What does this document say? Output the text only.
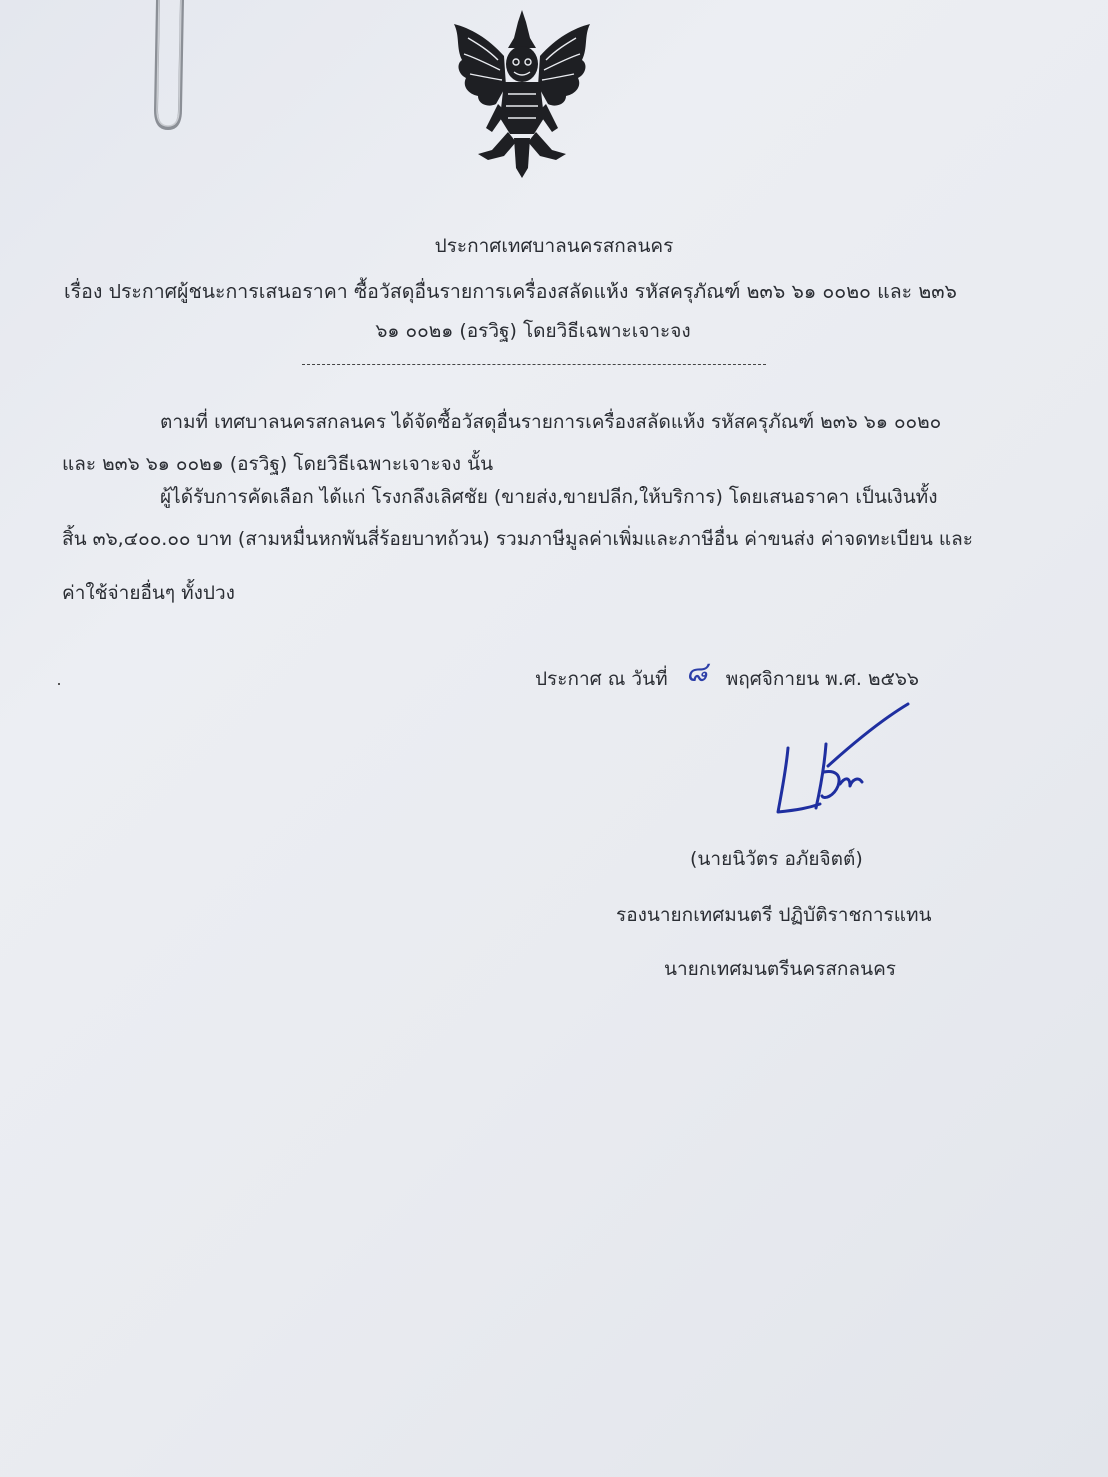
ประกาศเทศบาลนครสกลนคร
เรื่อง ประกาศผู้ชนะการเสนอราคา ซื้อวัสดุอื่นรายการเครื่องสลัดแห้ง รหัสครุภัณฑ์ ๒๓๖ ๖๑ ๐๐๒๐ และ ๒๓๖
๖๑ ๐๐๒๑ (อรวิฐ) โดยวิธีเฉพาะเจาะจง
ตามที่ เทศบาลนครสกลนคร ได้จัดซื้อวัสดุอื่นรายการเครื่องสลัดแห้ง รหัสครุภัณฑ์ ๒๓๖ ๖๑ ๐๐๒๐
และ ๒๓๖ ๖๑ ๐๐๒๑ (อรวิฐ) โดยวิธีเฉพาะเจาะจง นั้น
ผู้ได้รับการคัดเลือก ได้แก่ โรงกลึงเลิศชัย (ขายส่ง,ขายปลีก,ให้บริการ) โดยเสนอราคา เป็นเงินทั้ง
สิ้น ๓๖,๔๐๐.๐๐ บาท (สามหมื่นหกพันสี่ร้อยบาทถ้วน) รวมภาษีมูลค่าเพิ่มและภาษีอื่น ค่าขนส่ง ค่าจดทะเบียน และ
ค่าใช้จ่ายอื่นๆ ทั้งปวง
ประกาศ ณ วันที่ ๘ พฤศจิกายน พ.ศ. ๒๕๖๖
(นายนิวัตร อภัยจิตต์)
รองนายกเทศมนตรี ปฏิบัติราชการแทน
นายกเทศมนตรีนครสกลนคร
